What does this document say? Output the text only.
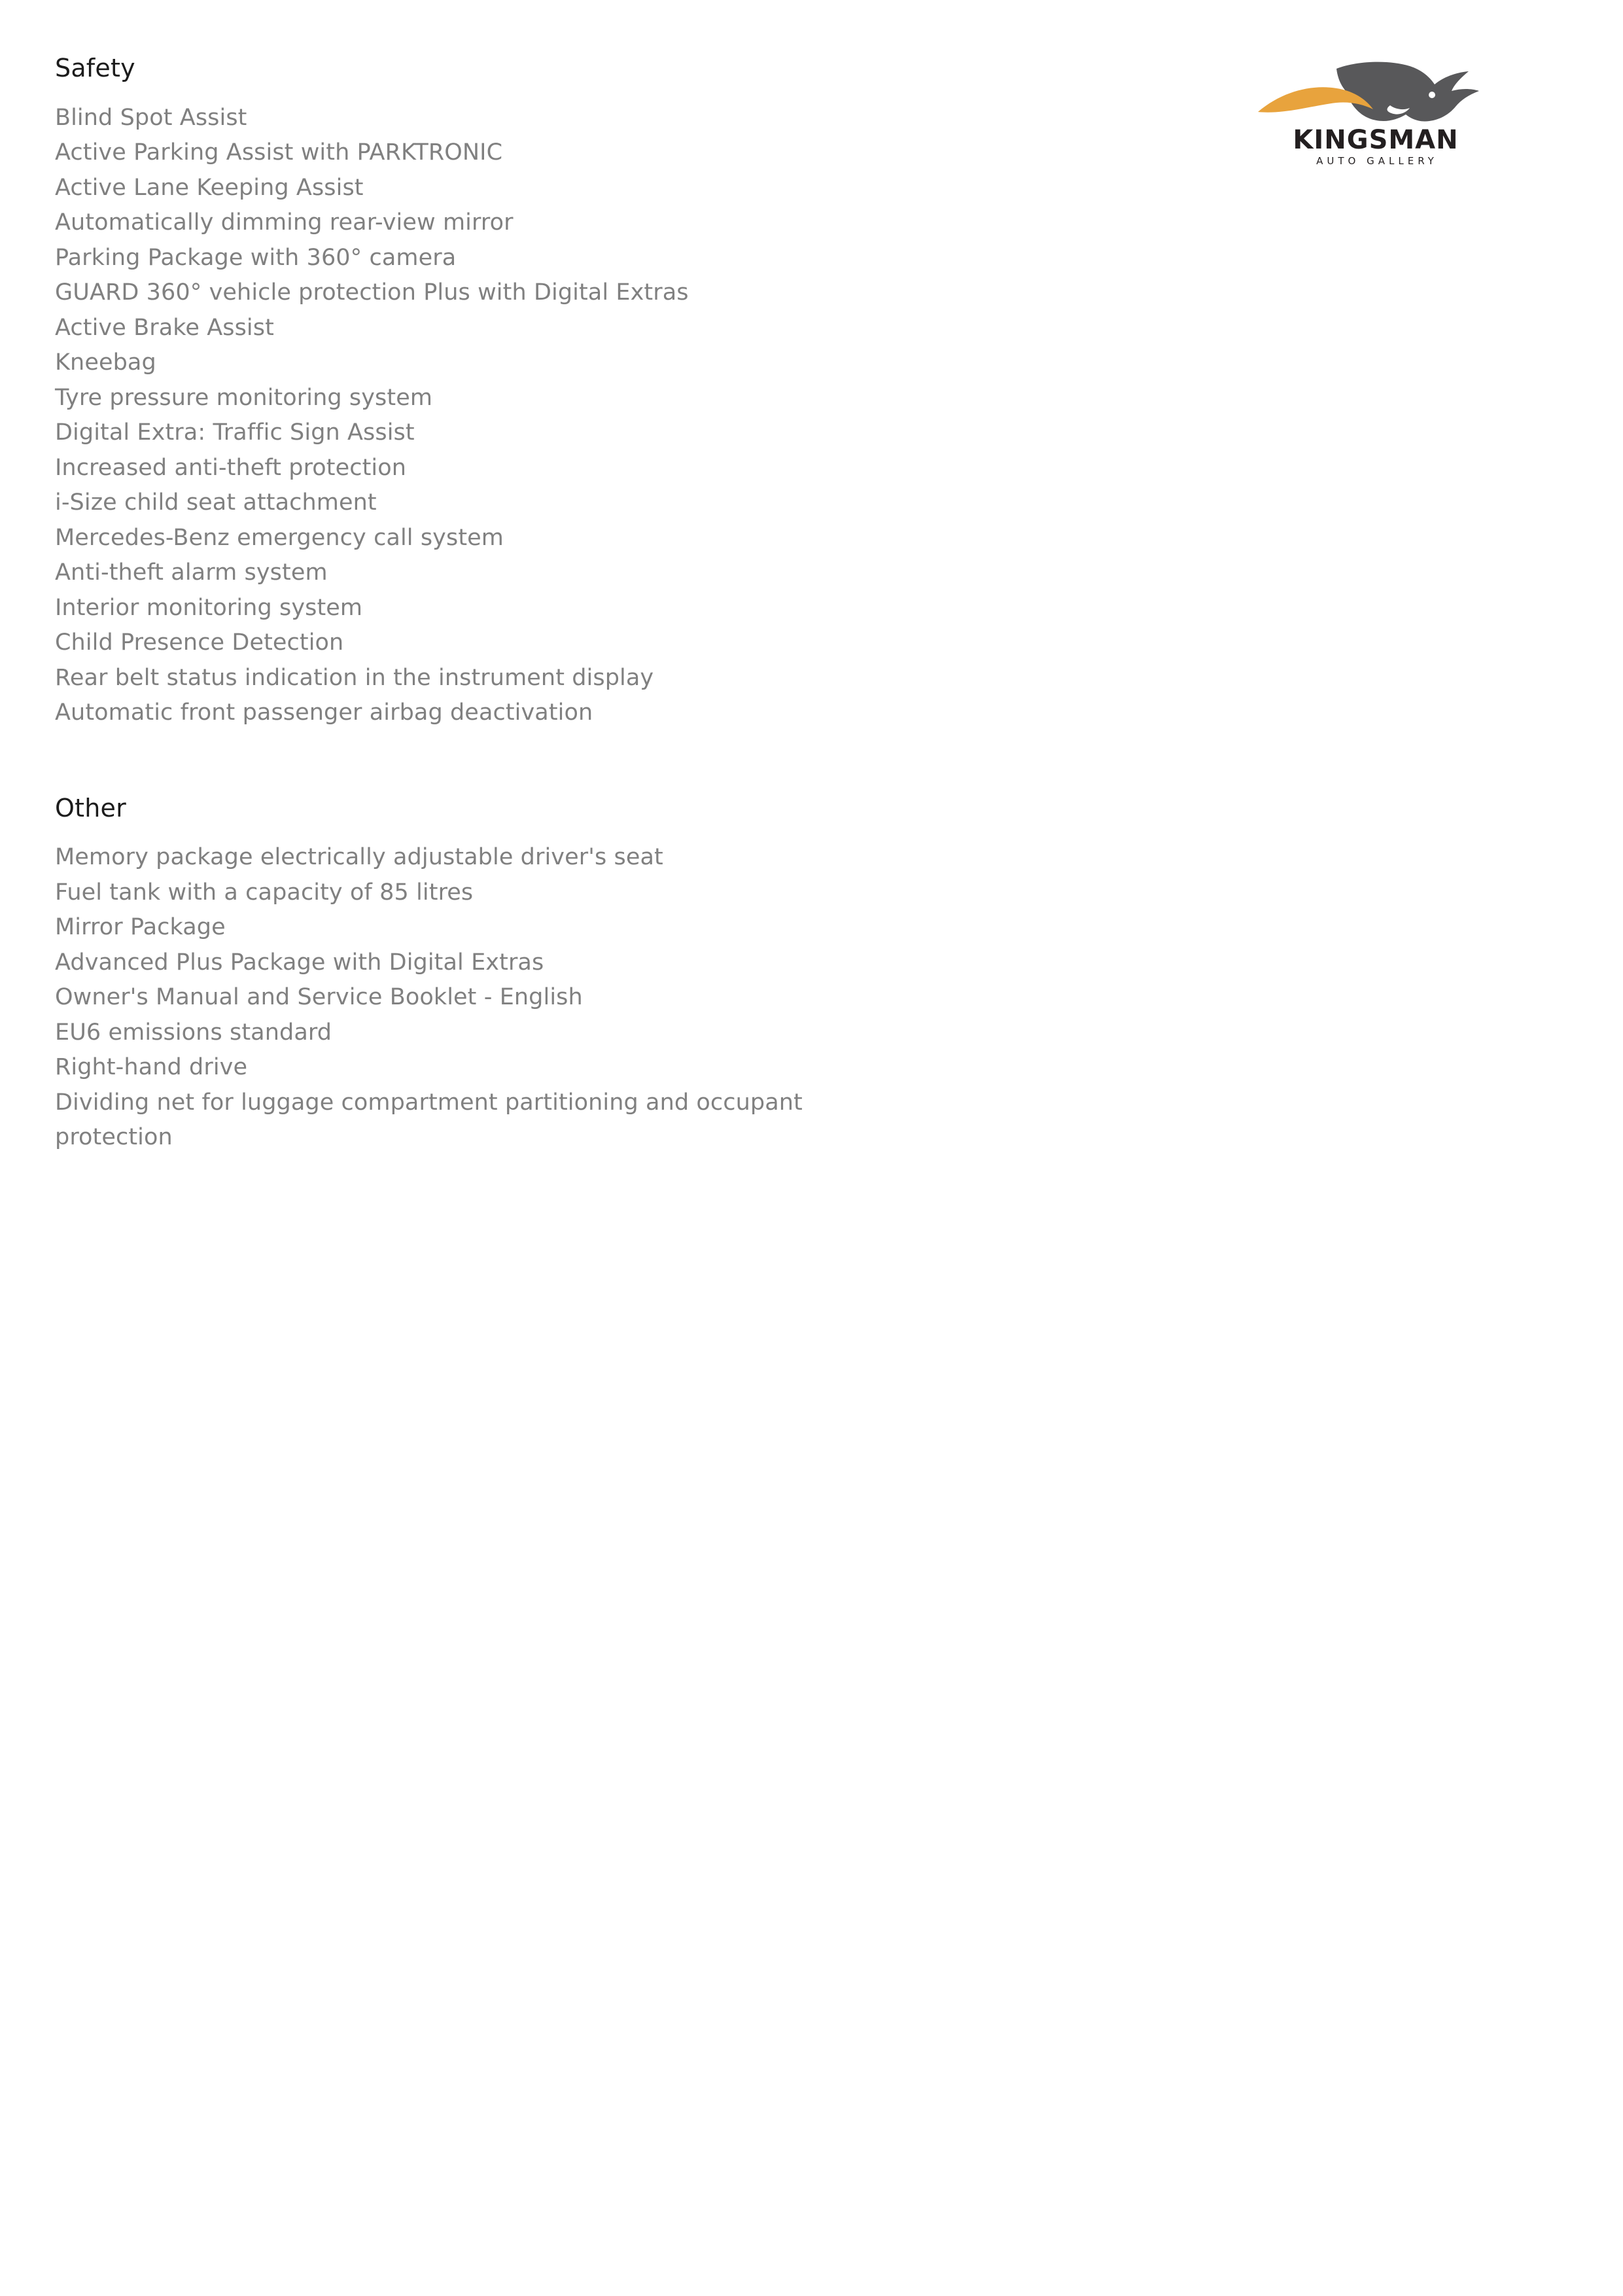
KINGSMAN
AUTO GALLERY
Safety
Blind Spot Assist
Active Parking Assist with PARKTRONIC
Active Lane Keeping Assist
Automatically dimming rear-view mirror
Parking Package with 360° camera
GUARD 360° vehicle protection Plus with Digital Extras
Active Brake Assist
Kneebag
Tyre pressure monitoring system
Digital Extra: Traffic Sign Assist
Increased anti-theft protection
i-Size child seat attachment
Mercedes-Benz emergency call system
Anti-theft alarm system
Interior monitoring system
Child Presence Detection
Rear belt status indication in the instrument display
Automatic front passenger airbag deactivation
Other
Memory package electrically adjustable driver's seat
Fuel tank with a capacity of 85 litres
Mirror Package
Advanced Plus Package with Digital Extras
Owner's Manual and Service Booklet - English
EU6 emissions standard
Right-hand drive
Dividing net for luggage compartment partitioning and occupant protection
